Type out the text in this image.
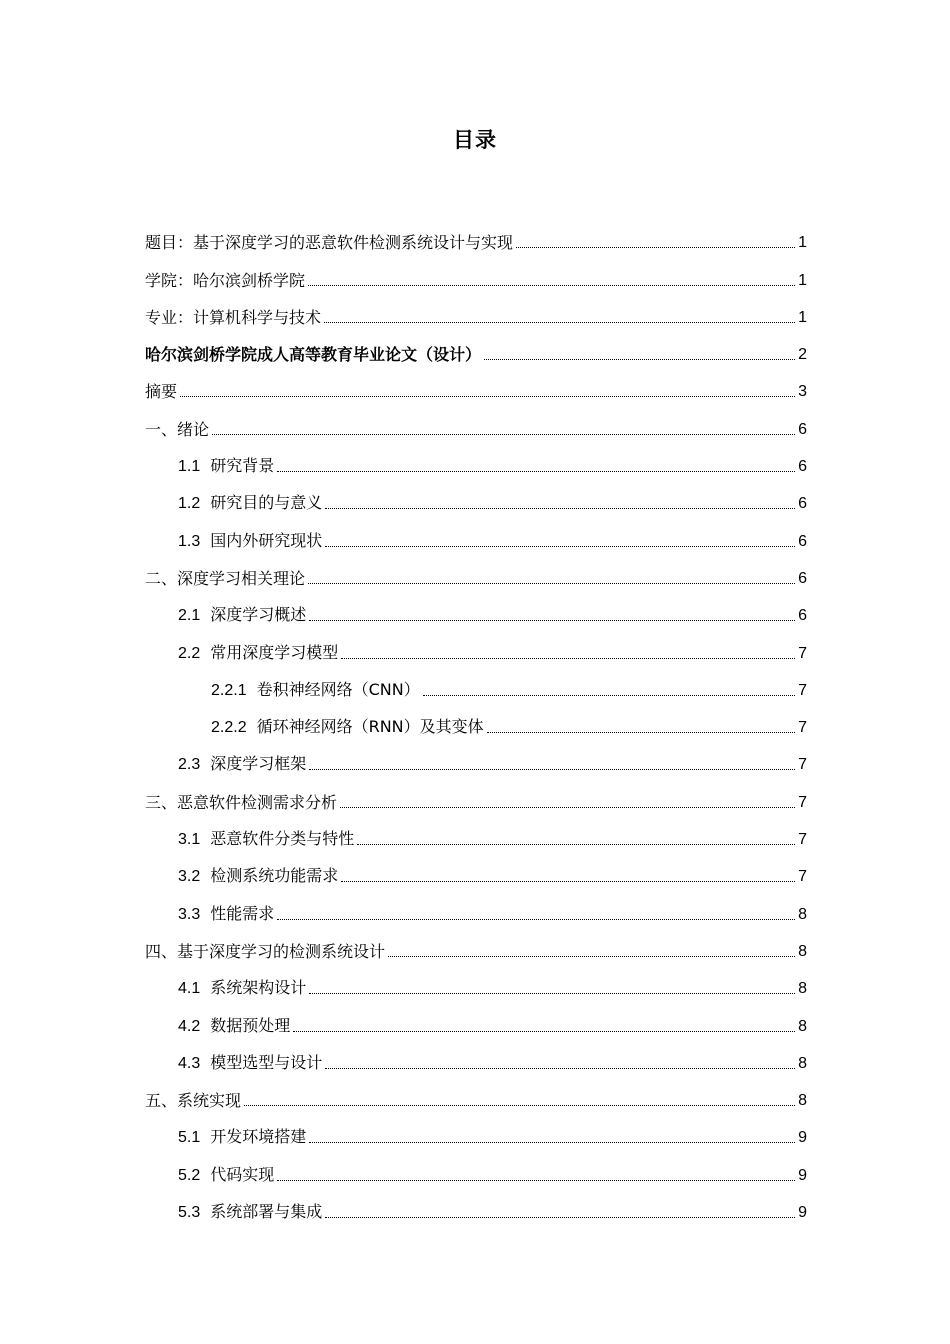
目录
题目：基于深度学习的恶意软件检测系统设计与实现	1
学院：哈尔滨剑桥学院	1
专业：计算机科学与技术	1
哈尔滨剑桥学院成人高等教育毕业论文（设计）	2
摘要	3
一、绪论	6
1.1 研究背景	6
1.2 研究目的与意义	6
1.3 国内外研究现状	6
二、深度学习相关理论	6
2.1 深度学习概述	6
2.2 常用深度学习模型	7
2.2.1 卷积神经网络（CNN）	7
2.2.2 循环神经网络（RNN）及其变体	7
2.3 深度学习框架	7
三、恶意软件检测需求分析	7
3.1 恶意软件分类与特性	7
3.2 检测系统功能需求	7
3.3 性能需求	8
四、基于深度学习的检测系统设计	8
4.1 系统架构设计	8
4.2 数据预处理	8
4.3 模型选型与设计	8
五、系统实现	8
5.1 开发环境搭建	9
5.2 代码实现	9
5.3 系统部署与集成	9
